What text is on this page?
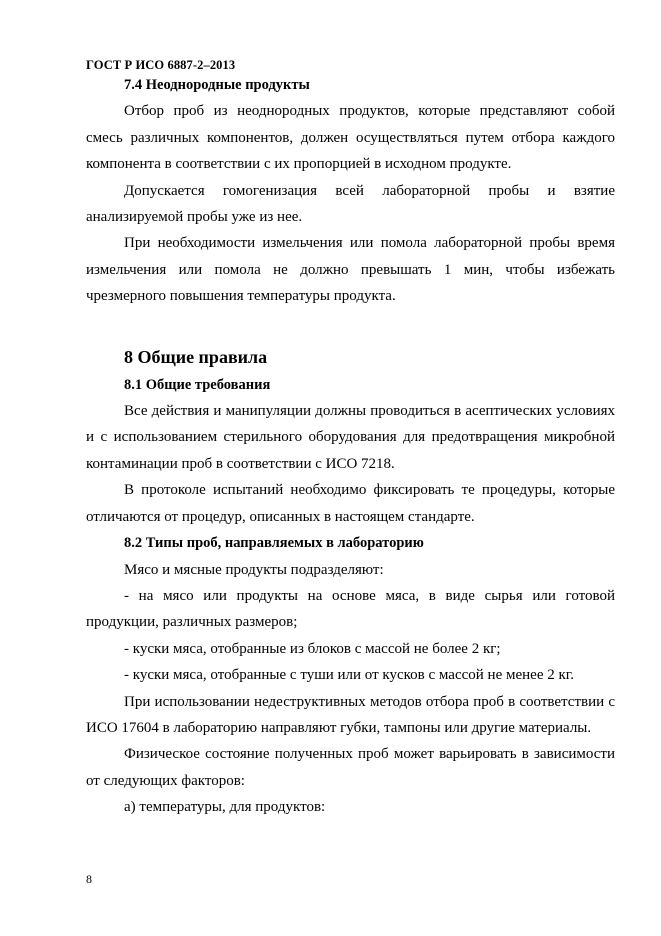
ГОСТ Р ИСО 6887-2–2013

7.4 Неоднородные продукты

Отбор проб из неоднородных продуктов, которые представляют собой смесь различных компонентов, должен осуществляться путем отбора каждого компонента в соответствии с их пропорцией в исходном продукте.

Допускается гомогенизация всей лабораторной пробы и взятие анализируемой пробы уже из нее.

При необходимости измельчения или помола лабораторной пробы время измельчения или помола не должно превышать 1 мин, чтобы избежать чрезмерного повышения температуры продукта.

8 Общие правила

8.1 Общие требования

Все действия и манипуляции должны проводиться в асептических условиях и с использованием стерильного оборудования для предотвращения микробной контаминации проб в соответствии с ИСО 7218.

В протоколе испытаний необходимо фиксировать те процедуры, которые отличаются от процедур, описанных в настоящем стандарте.

8.2 Типы проб, направляемых в лабораторию

Мясо и мясные продукты подразделяют:

- на мясо или продукты на основе мяса, в виде сырья или готовой продукции, различных размеров;

- куски мяса, отобранные из блоков с массой не более 2 кг;

- куски мяса, отобранные с туши или от кусков с массой не менее 2 кг.

При использовании недеструктивных методов отбора проб в соответствии с ИСО 17604 в лабораторию направляют губки, тампоны или другие материалы.

Физическое состояние полученных проб может варьировать в зависимости от следующих факторов:

а) температуры, для продуктов:

8
